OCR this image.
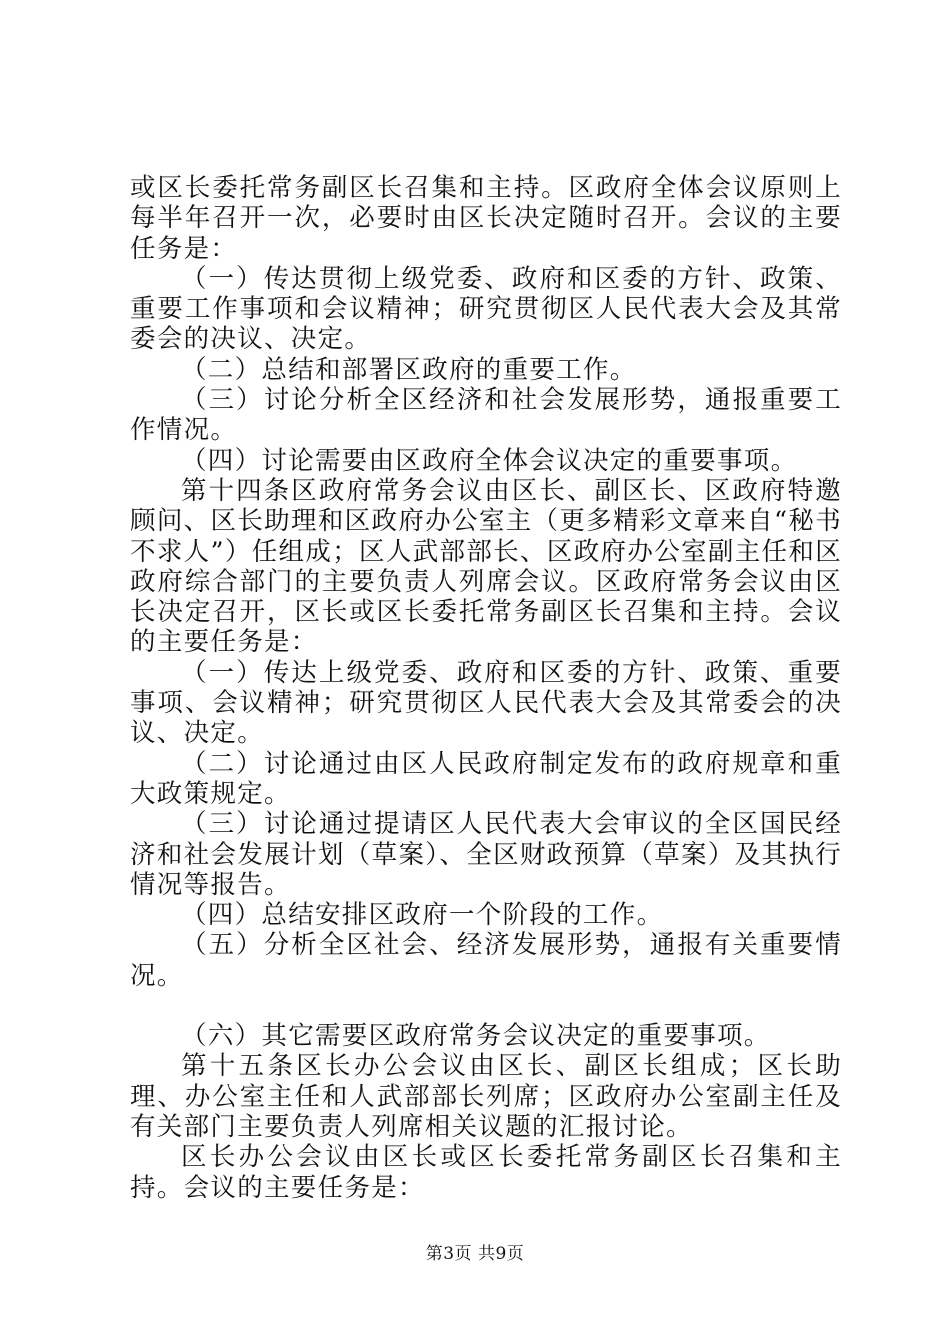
或区长委托常务副区长召集和主持。区政府全体会议原则上每半年召开一次，必要时由区长决定随时召开。会议的主要任务是：

（一）传达贯彻上级党委、政府和区委的方针、政策、重要工作事项和会议精神；研究贯彻区人民代表大会及其常委会的决议、决定。

（二）总结和部署区政府的重要工作。

（三）讨论分析全区经济和社会发展形势，通报重要工作情况。

（四）讨论需要由区政府全体会议决定的重要事项。

第十四条区政府常务会议由区长、副区长、区政府特邀顾问、区长助理和区政府办公室主（更多精彩文章来自“秘书不求人”）任组成；区人武部部长、区政府办公室副主任和区政府综合部门的主要负责人列席会议。区政府常务会议由区长决定召开，区长或区长委托常务副区长召集和主持。会议的主要任务是：

（一）传达上级党委、政府和区委的方针、政策、重要事项、会议精神；研究贯彻区人民代表大会及其常委会的决议、决定。

（二）讨论通过由区人民政府制定发布的政府规章和重大政策规定。

（三）讨论通过提请区人民代表大会审议的全区国民经济和社会发展计划（草案）、全区财政预算（草案）及其执行情况等报告。

（四）总结安排区政府一个阶段的工作。

（五）分析全区社会、经济发展形势，通报有关重要情况。

（六）其它需要区政府常务会议决定的重要事项。

第十五条区长办公会议由区长、副区长组成；区长助理、办公室主任和人武部部长列席；区政府办公室副主任及有关部门主要负责人列席相关议题的汇报讨论。

区长办公会议由区长或区长委托常务副区长召集和主持。会议的主要任务是：

第3页 共9页
